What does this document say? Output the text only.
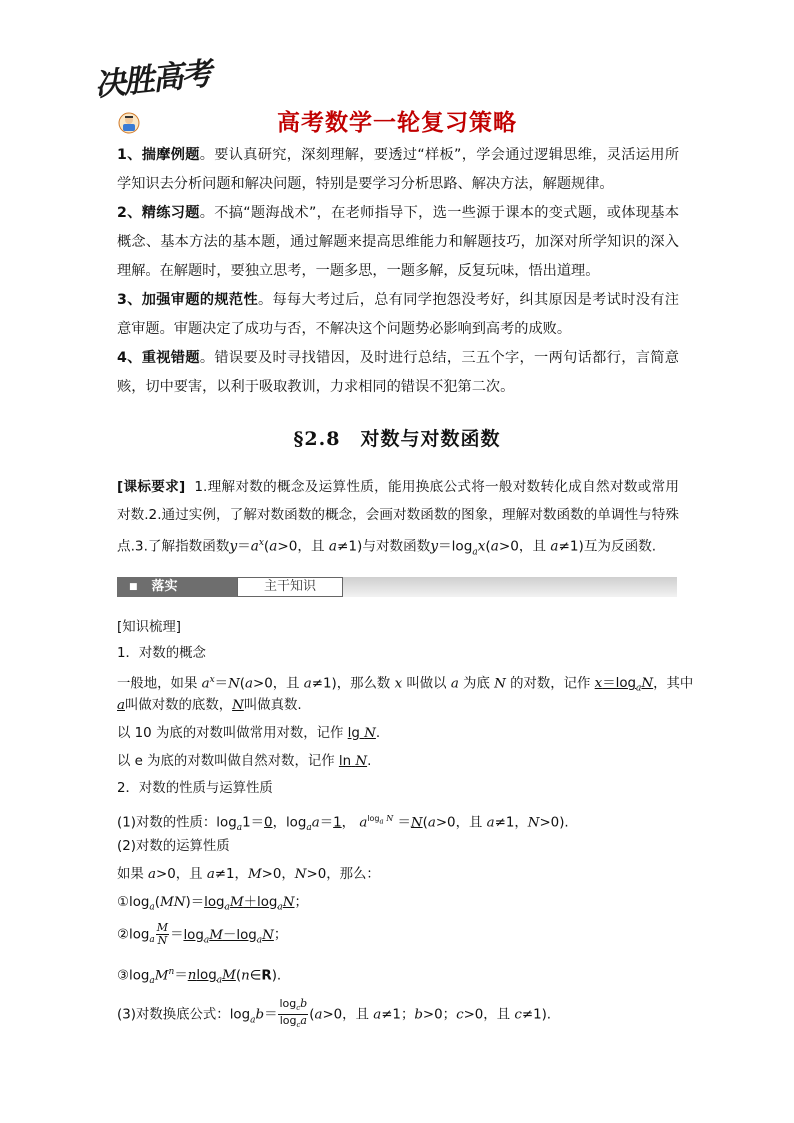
决胜高考
高考数学一轮复习策略

1、揣摩例题。要认真研究，深刻理解，要透过“样板”，学会通过逻辑思维，灵活运用所学知识去分析问题和解决问题，特别是要学习分析思路、解决方法，解题规律。

2、精练习题。不搞“题海战术”，在老师指导下，选一些源于课本的变式题，或体现基本概念、基本方法的基本题，通过解题来提高思维能力和解题技巧，加深对所学知识的深入理解。在解题时，要独立思考，一题多思，一题多解，反复玩味，悟出道理。

3、加强审题的规范性。每每大考过后，总有同学抱怨没考好，纠其原因是考试时没有注意审题。审题决定了成功与否，不解决这个问题势必影响到高考的成败。

4、重视错题。错误要及时寻找错因，及时进行总结，三五个字，一两句话都行，言简意赅，切中要害，以利于吸取教训，力求相同的错误不犯第二次。

§2.8 对数与对数函数

[课标要求] 1.理解对数的概念及运算性质，能用换底公式将一般对数转化成自然对数或常用对数.2.通过实例，了解对数函数的概念，会画对数函数的图象，理解对数函数的单调性与特殊点.3.了解指数函数$y=a^x(a>0$，且 a≠1)与对数函数$y=\log_ax(a>0$，且 a≠1)互为反函数.

■ 落实	主干知识
[知识梳理]
1．对数的概念
一般地，如果 $a^x=N(a>0$，且 a≠1)，那么数 x 叫做以 a 为底 N 的对数，记作 $x=\log_aN$，其中
a叫做对数的底数，N叫做真数.
以 10 为底的对数叫做常用对数，记作 lg N.
以 e 为底的对数叫做自然对数，记作 ln N.
2．对数的性质与运算性质
(1)对数的性质：$\log_a1=0$，$\log_aa=1$， $a^{log_a N} =N(a>0$，且 a≠1，N>0).
(2)对数的运算性质
如果 a>0，且 a≠1，M>0，N>0，那么：
$①\log_a(MN)=\log_aM+\log_aN$；
$②\log_a \frac{M}{N} =\log_aM-\log_aN$；
$③\log_aM^n=nlog_aM(n\in R)$.
(3)对数换底公式：$\log_ab= \frac{\log_cb}{\log_ca} (a>0$，且 a≠1；b>0；c>0，且 c≠1).
